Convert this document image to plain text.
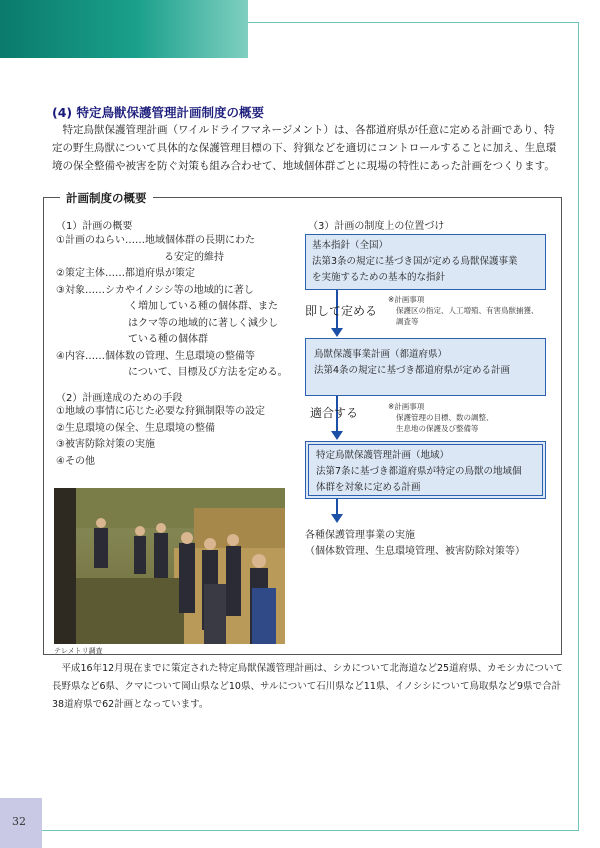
32
(4) 特定鳥獣保護管理計画制度の概要

特定鳥獣保護管理計画（ワイルドライフマネージメント）は、各都道府県が任意に定める計画であり、特定の野生鳥獣について具体的な保護管理目標の下、狩猟などを適切にコントロールすることに加え、生息環境の保全整備や被害を防ぐ対策も組み合わせて、地域個体群ごとに現場の特性にあった計画をつくります。

計画制度の概要
（1）計画の概要
①計画のねらい……地域個体群の長期にわた
る安定的維持
②策定主体……都道府県が策定
③対象……シカやイノシシ等の地域的に著し
く増加している種の個体群、また
はクマ等の地域的に著しく減少し
ている種の個体群
④内容……個体数の管理、生息環境の整備等
について、目標及び方法を定める。
（2）計画達成のための手段
①地域の事情に応じた必要な狩猟制限等の設定
②生息環境の保全、生息環境の整備
③被害防除対策の実施
④その他
テレメトリ調査
（3）計画の制度上の位置づけ
基本指針（全国）
法第3条の規定に基づき国が定める鳥獣保護事業
を実施するための基本的な指針
即して定める
※計画事項
保護区の指定、人工増殖、有害鳥獣捕獲、
調査等
鳥獣保護事業計画（都道府県）
法第4条の規定に基づき都道府県が定める計画
適合する	※計画事項
保護管理の目標、数の調整、
生息地の保護及び整備等
特定鳥獣保護管理計画（地域）
法第7条に基づき都道府県が特定の鳥獣の地域個
体群を対象に定める計画
各種保護管理事業の実施
（個体数管理、生息環境管理、被害防除対策等）

平成16年12月現在までに策定された特定鳥獣保護管理計画は、シカについて北海道など25道府県、カモシカについて長野県など6県、クマについて岡山県など10県、サルについて石川県など11県、イノシシについて鳥取県など9県で合計38道府県で62計画となっています。
